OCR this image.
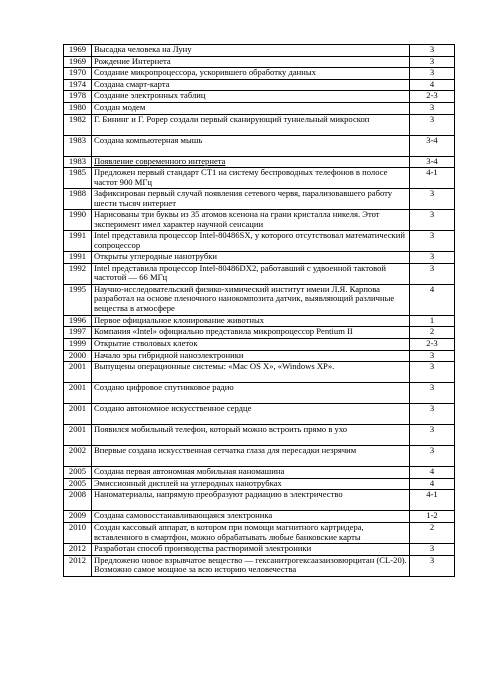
1969	Высадка человека на Луну	3
1969	Рождение Интернета	3
1970	Создание микропроцессора, ускорившего обработку данных	3
1974	Создана смарт-карта	4
1978	Создание электронных таблиц	2-3
1980	Создан модем	3
1982	Г. Бининг и Г. Popep создали первый сканирующий туннельный микроскоп	3
1983	Создана компьютерная мышь	3-4
1983	Появление современного интернета	3-4
1985	Предложен первый стандарт CT1 на систему беспроводных телефонов в полосе частот 900 МГц	4-1
1988	Зафиксирован первый случай появления сетевого червя, парализовавшего работу шести тысяч интернет	3
1990	Нарисованы три буквы из 35 атомов ксенона на грани кристалла никеля. Этот эксперимент имел характер научной сенсации	3
1991	Intel представила процессор Intel-80486SX, у которого отсутствовал математический сопроцессор	3
1991	Открыты углеродные нанотрубки	3
1992	Intel представила процессор Intel-80486DX2, работавший с удвоенной тактовой частотой — 66 МГц	3
1995	Научно-исследовательский физико-химический институт имени Л.Я. Карпова разработал на основе пленочного нанокомпозита датчик, выявляющий различные вещества в атмосфере	4
1996	Первое официальное клонирование животных	1
1997	Компания «Intel» официально представила микропроцессор Pentium II	2
1999	Открытие стволовых клеток	2-3
2000	Начало эры гибридной наноэлектроники	3
2001	Выпущены операционные системы: «Mac OS X», «Windows XP».	3
2001	Создано цифровое спутниковое радио	3
2001	Создано автономное искусственное сердце	3
2001	Появился мобильный телефон, который можно встроить прямо в ухо	3
2002	Впервые создана искусственная сетчатка глаза для пересадки незрячим	3
2005	Создана первая автономная мобильная наномашина	4
2005	Эмиссионный дисплей на углеродных нанотрубках	4
2008	Наноматериалы, напрямую преобразуют радиацию в электричество	4-1
2009	Создана самовосстанавливающаяся электроника	1-2
2010	Создан кассовый аппарат, в котором при помощи магнитного картридера, вставленного в смартфон, можно обрабатывать любые банковские карты	2
2012	Разработан способ производства растворимой электроники	3
2012	Предложено новое взрывчатое вещество — гексанитрогексаазаизовюрцитан (CL-20). Возможно самое мощное за всю историю человечества	3
